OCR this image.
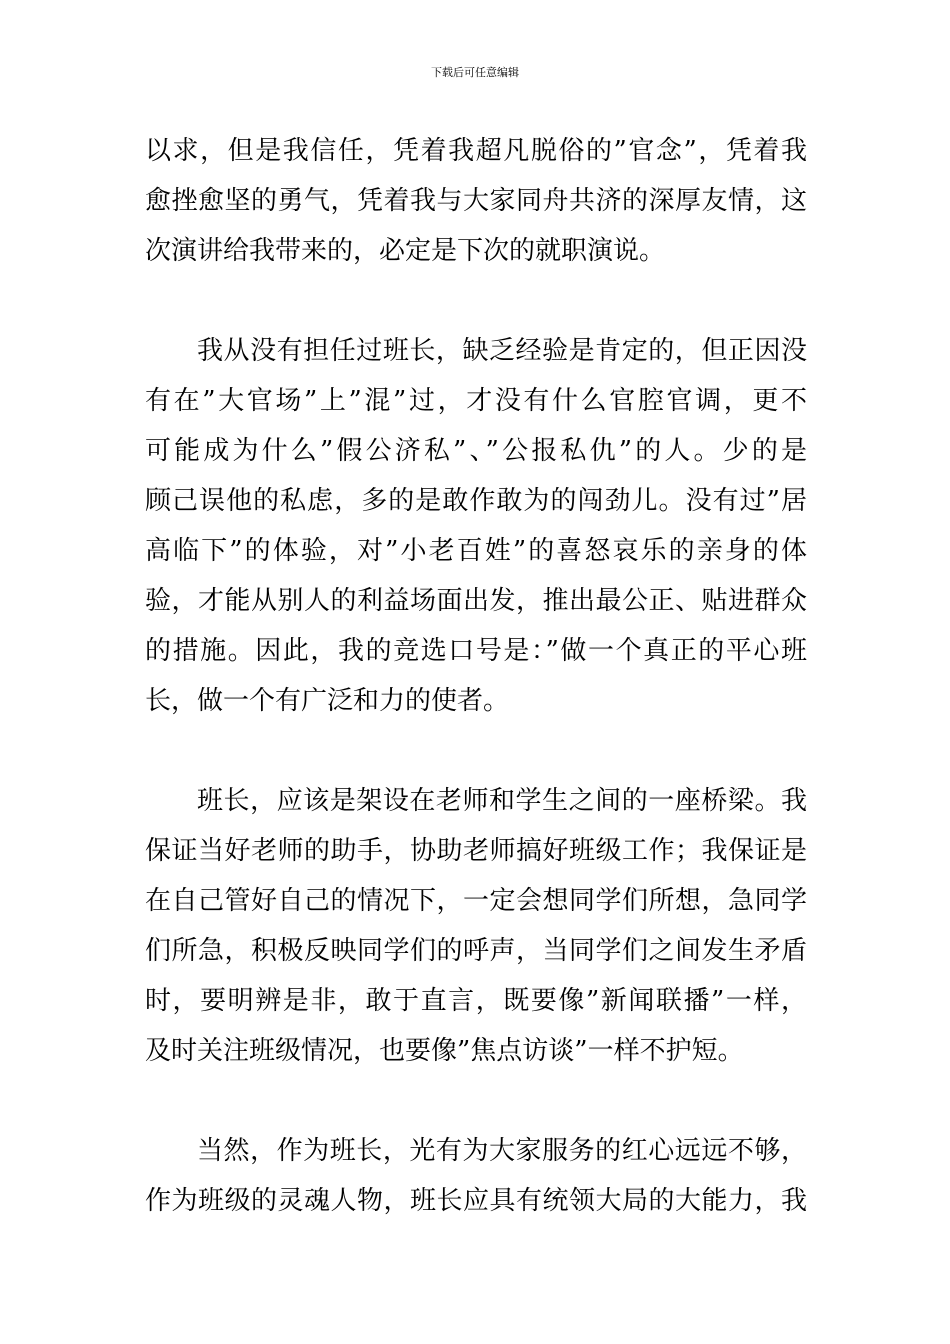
下载后可任意编辑
以求，但是我信任，凭着我超凡脱俗的”官念”，凭着我
愈挫愈坚的勇气，凭着我与大家同舟共济的深厚友情，这
次演讲给我带来的，必定是下次的就职演说。
我从没有担任过班长，缺乏经验是肯定的，但正因没
有在”大官场”上”混”过，才没有什么官腔官调，更不
可能成为什么”假公济私”、”公报私仇”的人。少的是
顾己误他的私虑，多的是敢作敢为的闯劲儿。没有过”居
高临下”的体验，对”小老百姓”的喜怒哀乐的亲身的体
验，才能从别人的利益场面出发，推出最公正、贴进群众
的措施。因此，我的竞选口号是：”做一个真正的平心班
长，做一个有广泛和力的使者。
班长，应该是架设在老师和学生之间的一座桥梁。我
保证当好老师的助手，协助老师搞好班级工作；我保证是
在自己管好自己的情况下，一定会想同学们所想，急同学
们所急，积极反映同学们的呼声，当同学们之间发生矛盾
时，要明辨是非，敢于直言，既要像”新闻联播”一样，
及时关注班级情况，也要像”焦点访谈”一样不护短。
当然，作为班长，光有为大家服务的红心远远不够，
作为班级的灵魂人物，班长应具有统领大局的大能力，我
